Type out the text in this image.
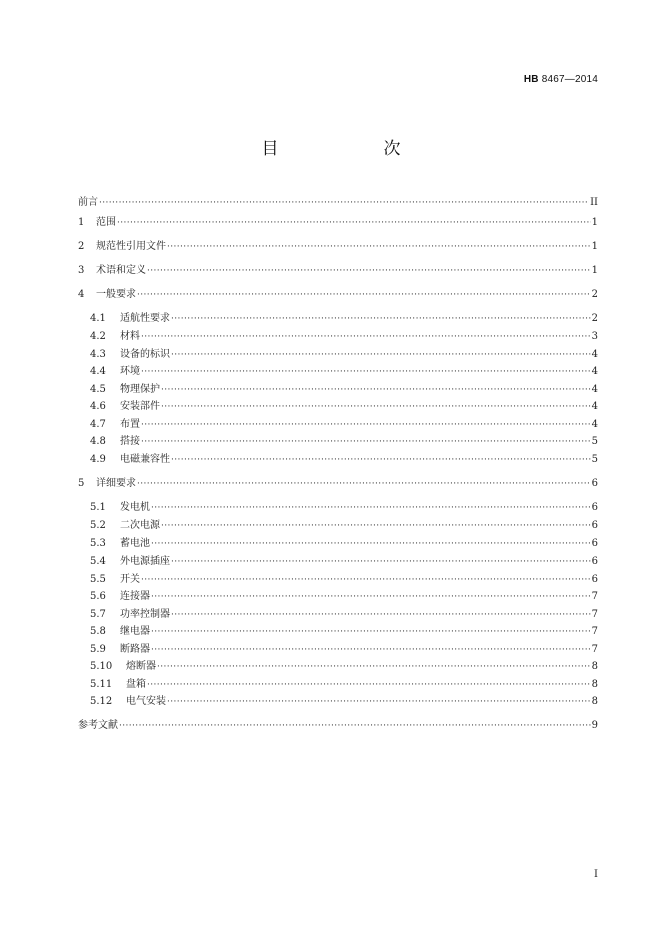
HB 8467—2014
目　次
前言 ·····	II
1	范围 ·····	1
2	规范性引用文件 ·····	1
3	术语和定义 ·····	1
4	一般要求 ·····	2
4.1	适航性要求 ·····	2
4.2	材料 ·····	3
4.3	设备的标识 ·····	4
4.4	环境 ·····	4
4.5	物理保护 ·····	4
4.6	安装部件 ·····	4
4.7	布置 ·····	4
4.8	搭接 ·····	5
4.9	电磁兼容性 ·····	5
5	详细要求 ·····	6
5.1	发电机 ·····	6
5.2	二次电源 ·····	6
5.3	蓄电池 ·····	6
5.4	外电源插座 ·····	6
5.5	开关 ·····	6
5.6	连接器 ·····	7
5.7	功率控制器 ·····	7
5.8	继电器 ·····	7
5.9	断路器 ·····	7
5.10	熔断器 ·····	8
5.11	盘箱 ·····	8
5.12	电气安装 ·····	8
参考文献 ·····	9
I
